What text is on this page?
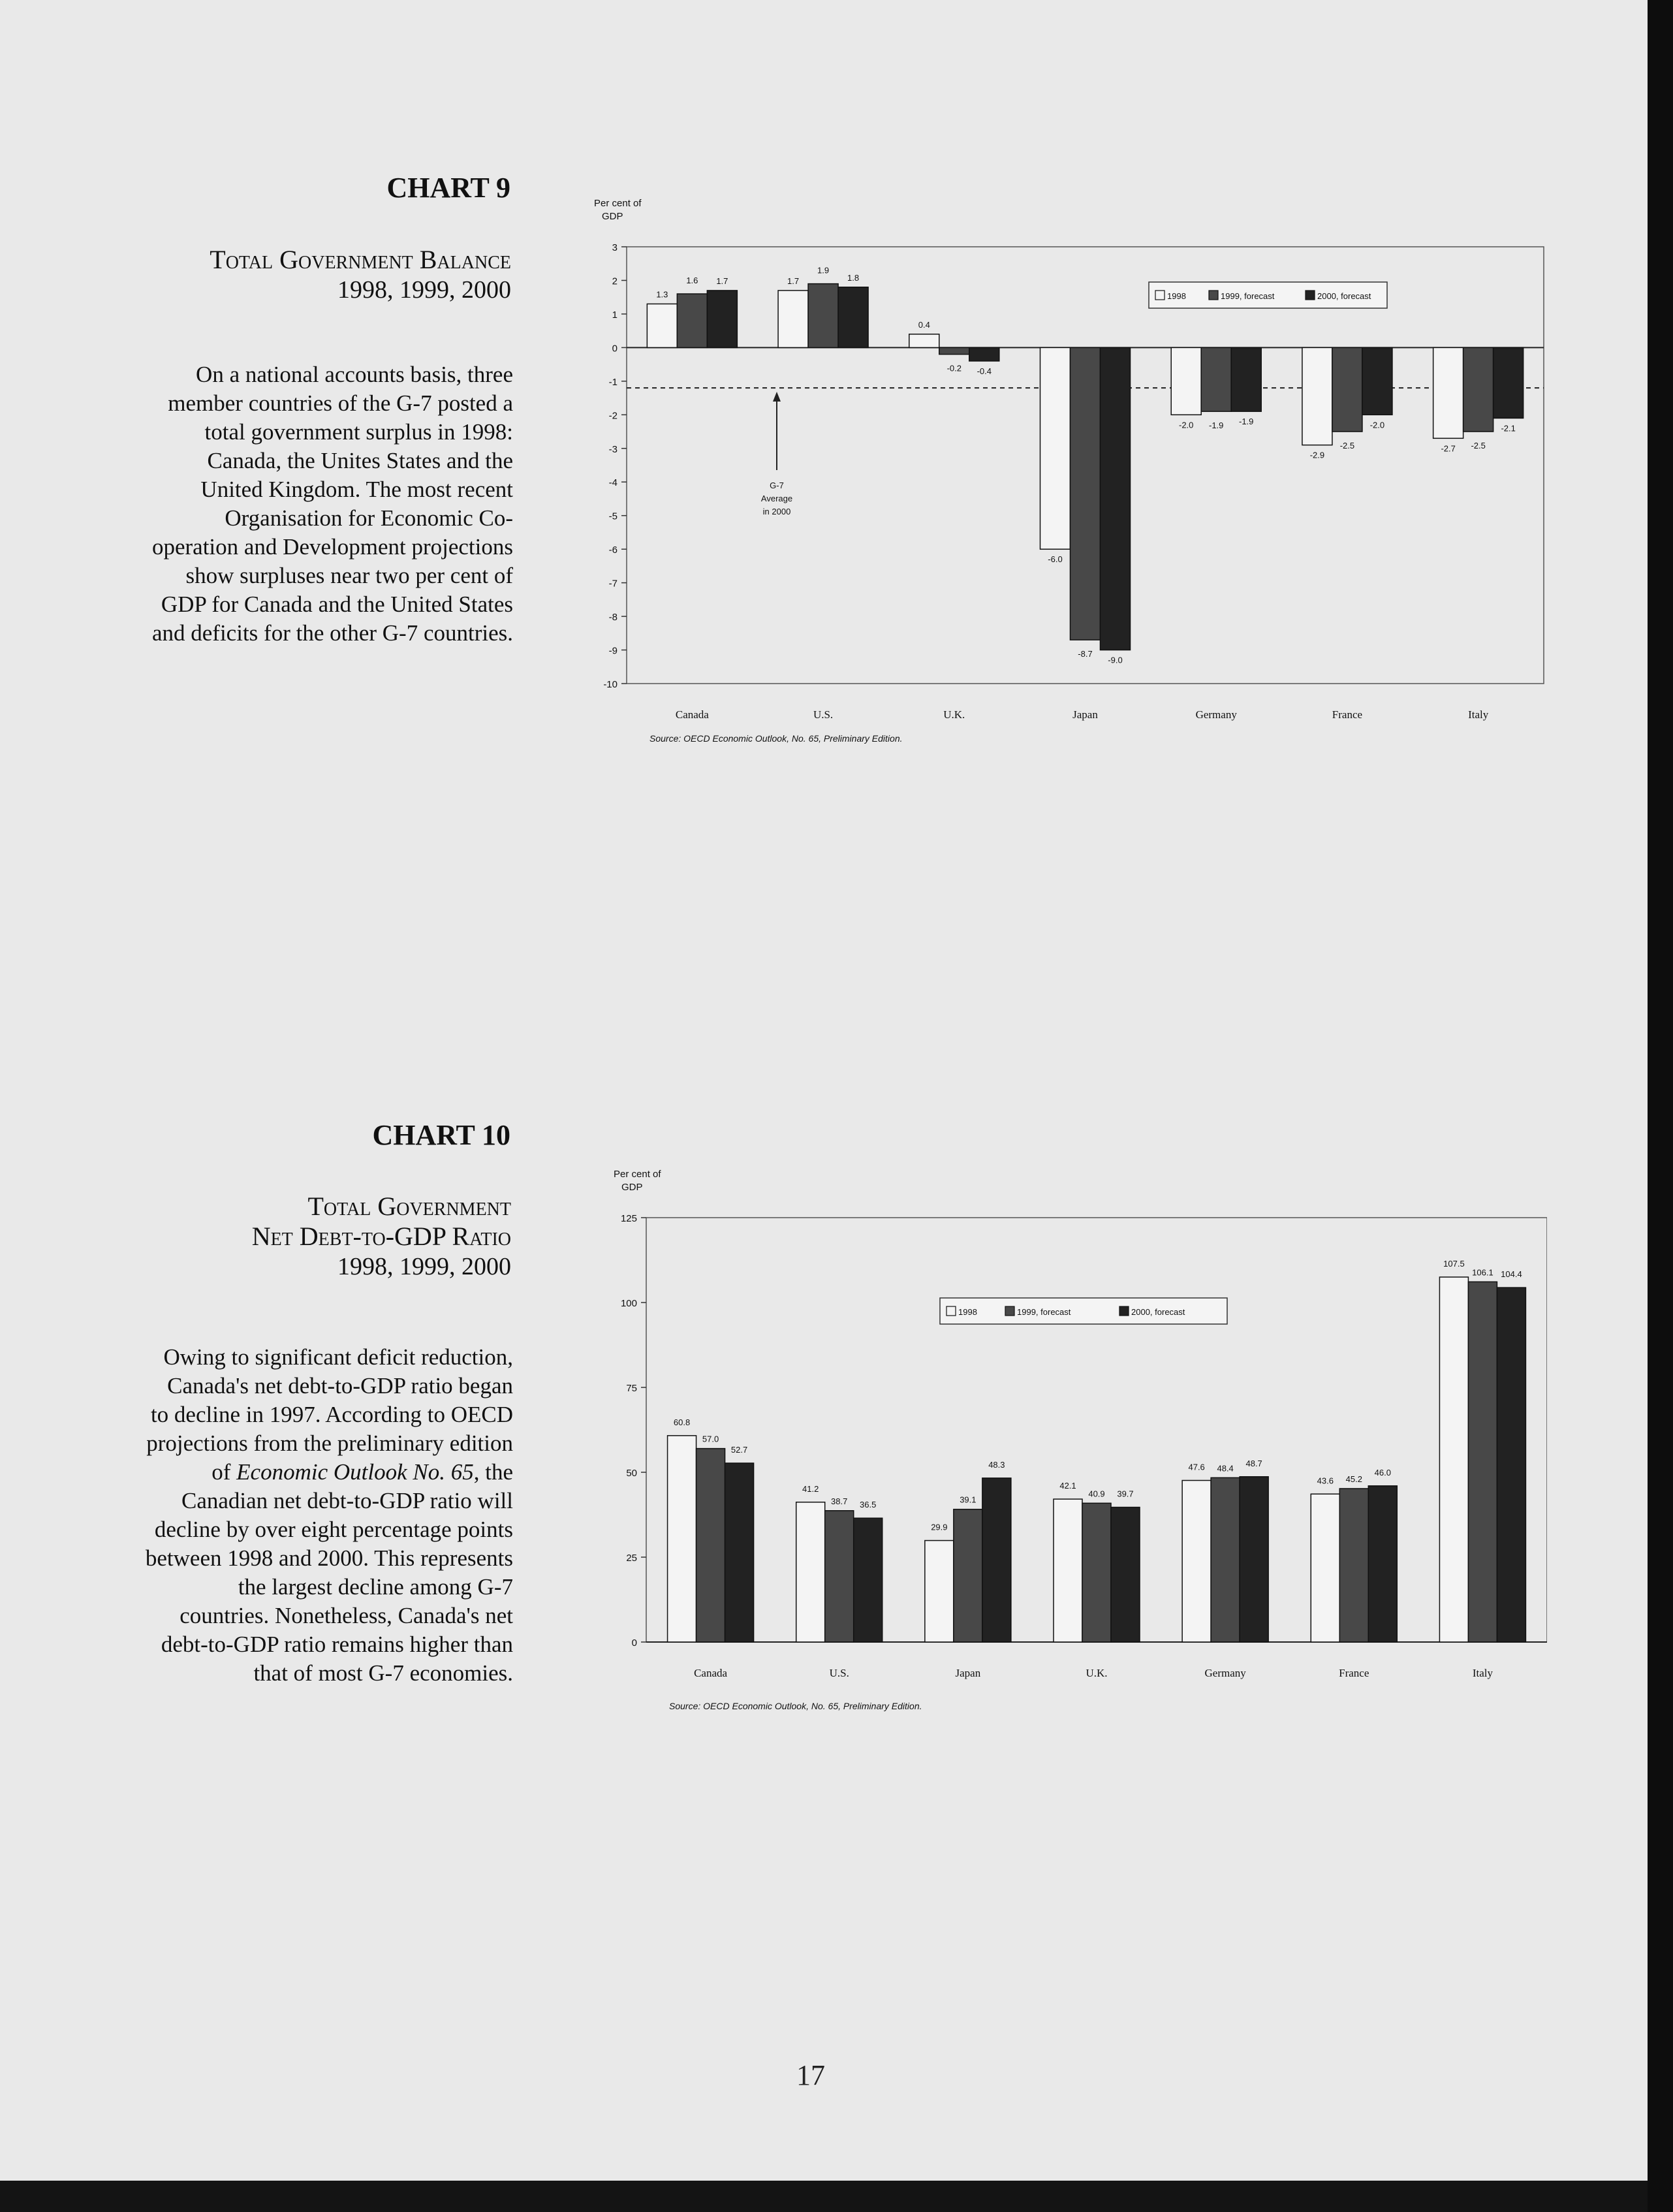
CHART 9
Total Government Balance
1998, 1999, 2000
On a national accounts basis, three
member countries of the G-7 posted a
total government surplus in 1998:
Canada, the Unites States and the
United Kingdom. The most recent
Organisation for Economic Co-
operation and Development projections
show surpluses near two per cent of
GDP for Canada and the United States
and deficits for the other G-7 countries.
CHART 10
Total Government
Net Debt-to-GDP Ratio
1998, 1999, 2000
Owing to significant deficit reduction,
Canada's net debt-to-GDP ratio began
to decline in 1997. According to OECD
projections from the preliminary edition
of Economic Outlook No. 65, the
Canadian net debt-to-GDP ratio will
decline by over eight percentage points
between 1998 and 2000. This represents
the largest decline among G-7
countries. Nonetheless, Canada's net
debt-to-GDP ratio remains higher than
that of most G-7 economies.
Per cent of
GDP
3
2
1
0
-1
-2
-3
-4
-5
-6
-7
-8
-9
-10
1.3
1.6 1.7
Canada
1.7
1.9
1.8
U.S.
0.4
-0.2 -0.4
U.K.
-6.0
-8.7
-9.0
Japan
-2.0 -1.9 -1.9
Germany
-2.9
-2.5
-2.0
France
-2.7 -2.5
-2.1
Italy
1998	1999, forecast	2000, forecast
Source: OECD Economic Outlook, No. 65, Preliminary Edition.
G-7
Average
in 2000
Per cent of
GDP
125
100
75
50
25
0
60.8
57.0
52.7
Canada
41.2
38.7 36.5
U.S.
29.9
39.1
48.3
Japan
42.1
40.9 39.7
U.K.
47.6 48.4
48.7
Germany
43.6 45.2
46.0
France
107.5
106.1 104.4
Italy
1998	1999, forecast	2000, forecast
Source: OECD Economic Outlook, No. 65, Preliminary Edition.
17
